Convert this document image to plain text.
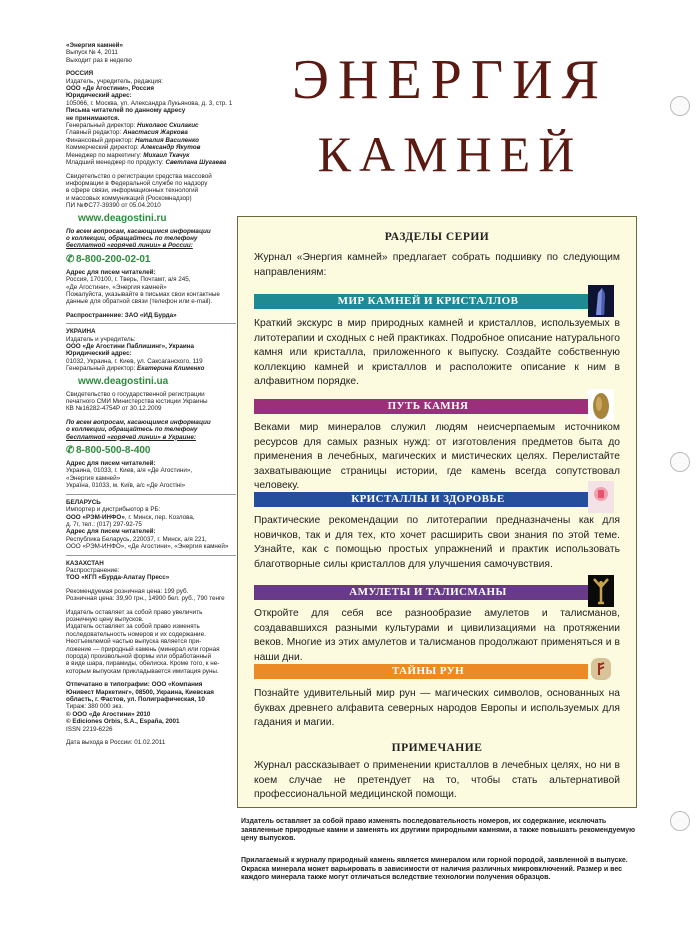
«Энергия камней»

Выпуск № 4, 2011

Выходит раз в неделю

РОССИЯ

Издатель, учредитель, редакция:

ООО «Де Агостини», Россия

Юридический адрес:

105066, г. Москва, ул. Александра Лукьянова, д. 3, стр. 1

Письма читателей по данному адресу

не принимаются.

Генеральный директор: Николаос Скилакис

Главный редактор: Анастасия Жаркова

Финансовый директор: Наталия Василенко

Коммерческий директор: Александр Якутов

Менеджер по маркетингу: Михаил Ткачук

Младший менеджер по продукту: Светлана Шугаева

Свидетельство о регистрации средства массовой

информации в Федеральной службе по надзору

в сфере связи, информационных технологий

и массовых коммуникаций (Роскомнадзор)

ПИ №ФС77-39390 от 05.04.2010

www.deagostini.ru

По всем вопросам, касающимся информации

о коллекции, обращайтесь по телефону

бесплатной «горячей линии» в России:

✆ 8-800-200-02-01

Адрес для писем читателей:

Россия, 170100, г. Тверь, Почтамт, а/я 245,

«Де Агостини», «Энергия камней»

Пожалуйста, указывайте в письмах свои контактные

данные для обратной связи (телефон или e-mail).

Распространение: ЗАО «ИД Бурда»

УКРАИНА

Издатель и учредитель:

ООО «Де Агостини Паблишинг», Украина

Юридический адрес:

01032, Украина, г. Киев, ул. Саксаганского, 119

Генеральный директор: Екатерина Клименко

www.deagostini.ua

Свидетельство о государственной регистрации

печатного СМИ Министерства юстиции Украины

КВ №16282-4754Р от 30.12.2009

По всем вопросам, касающимся информации

о коллекции, обращайтесь по телефону

бесплатной «горячей линии» в Украине:

✆ 8-800-500-8-400

Адрес для писем читателей:

Украина, 01033, г. Киев, а/я «Де Агостини»,

«Энергия камней»

Україна, 01033, м. Київ, а/с «Де Агостіні»

БЕЛАРУСЬ

Импортер и дистрибьютор в РБ:

ООО «РЭМ-ИНФО», г. Минск, пер. Козлова,

д. 7г, тел.: (017) 297-92-75

Адрес для писем читателей:

Республика Беларусь, 220037, г. Минск, а/я 221,

ООО «РЭМ-ИНФО», «Де Агостини», «Энергия камней»

КАЗАХСТАН

Распространение:

ТОО «КГП «Бурда-Алатау Пресс»

Рекомендуемая розничная цена: 199 руб.

Розничная цена: 39,90 грн., 14900 бел. руб., 790 тенге

Издатель оставляет за собой право увеличить

розничную цену выпусков.

Издатель оставляет за собой право изменять

последовательность номеров и их содержание.

Неотъемлемой частью выпуска является при-

ложение — природный камень (минерал или горная

порода) произвольной формы или обработанный

в виде шара, пирамиды, обелиска. Кроме того, к не-

которым выпускам прикладывается имитация руны.

Отпечатано в типографии: ООО «Компания

Юнивест Маркетинг», 08500, Украина, Киевская

область, г. Фастов, ул. Полиграфическая, 10

Тираж: 380 000 экз.

© ООО «Де Агостини» 2010

© Ediciones Orbis, S.A., España, 2001

ISSN 2219-6226

Дата выхода в России: 01.02.2011

ЭНЕРГИЯ
КАМНЕЙ
РАЗДЕЛЫ СЕРИИ
Журнал «Энергия камней» предлагает собрать подшивку по следующим направлениям:
МИР КАМНЕЙ И КРИСТАЛЛОВ
Краткий экскурс в мир природных камней и кристаллов, используемых в литотерапии и сходных с ней практиках. Подробное описание натурального камня или кристалла, приложенного к выпуску. Создайте собственную коллекцию камней и кристаллов и расположите описание к ним в алфавитном порядке.
ПУТЬ КАМНЯ
Веками мир минералов служил людям неисчерпаемым источником ресурсов для самых разных нужд: от изготовления предметов быта до применения в лечебных, магических и мистических целях. Перелистайте захватывающие страницы истории, где камень всегда сопутствовал человеку.
КРИСТАЛЛЫ И ЗДОРОВЬЕ
Практические рекомендации по литотерапии предназначены как для новичков, так и для тех, кто хочет расширить свои знания по этой теме. Узнайте, как с помощью простых упражнений и практик использовать благотворные силы кристаллов для улучшения самочувствия.
АМУЛЕТЫ И ТАЛИСМАНЫ
Откройте для себя все разнообразие амулетов и талисманов, создававшихся разными культурами и цивилизациями на протяжении веков. Многие из этих амулетов и талисманов продолжают применяться и в наши дни.
ТАЙНЫ РУН
Познайте удивительный мир рун — магических символов, основанных на буквах древнего алфавита северных народов Европы и используемых для гадания и магии.
ПРИМЕЧАНИЕ
Журнал рассказывает о применении кристаллов в лечебных целях, но ни в коем случае не претендует на то, чтобы стать альтернативой профессиональной медицинской помощи.
Издатель оставляет за собой право изменять последовательность номеров, их содержание, исключать заявленные природные камни и заменять их другими природными камнями, а также повышать рекомендуемую цену выпусков.
Прилагаемый к журналу природный камень является минералом или горной породой, заявленной в выпуске. Окраска минерала может варьировать в зависимости от наличия различных микровключений. Размер и вес каждого минерала также могут отличаться вследствие технологии получения образцов.
